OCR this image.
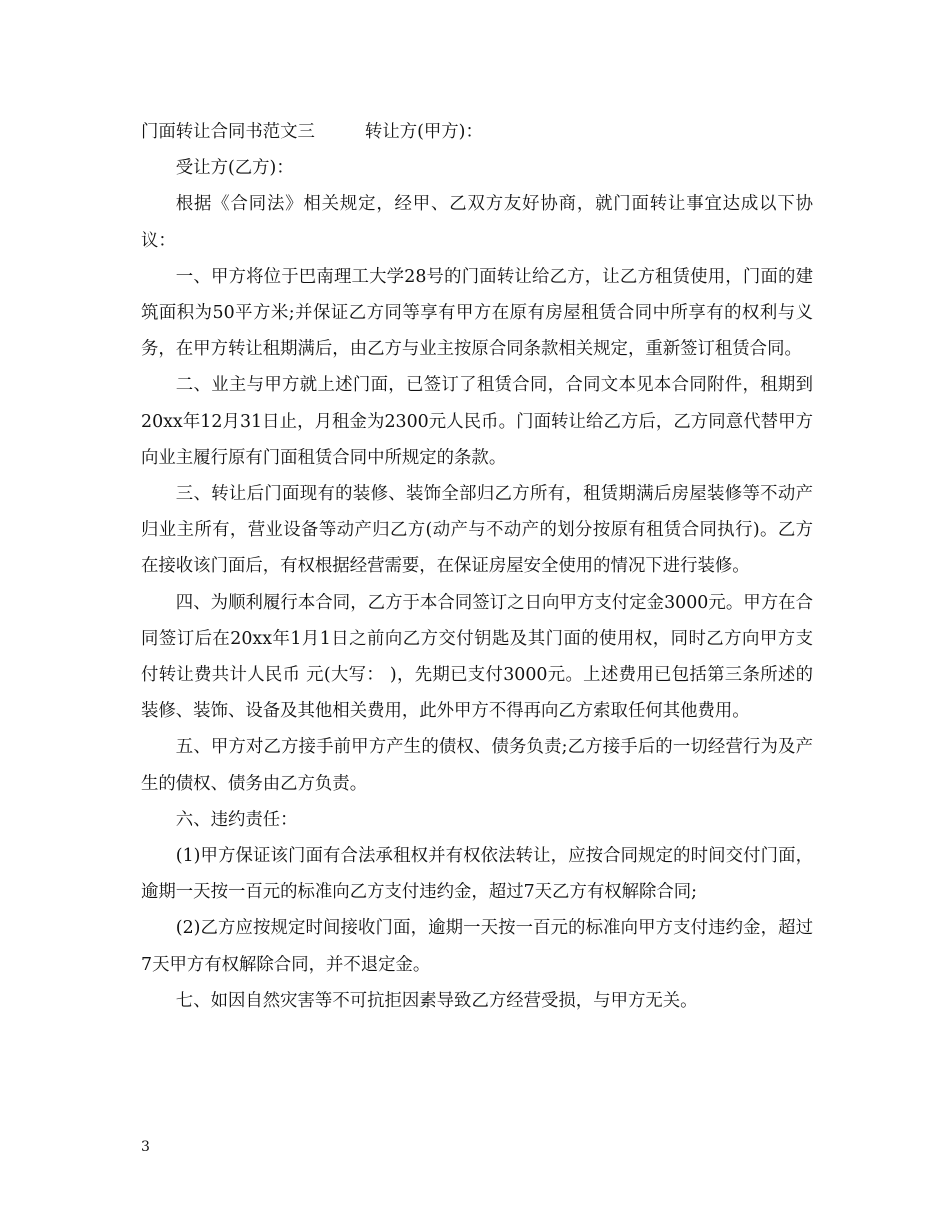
门面转让合同书范文三	转让方(甲方)：

受让方(乙方)：

根据《合同法》相关规定，经甲、乙双方友好协商，就门面转让事宜达成以下协议：

一、甲方将位于巴南理工大学28号的门面转让给乙方，让乙方租赁使用，门面的建筑面积为50平方米;并保证乙方同等享有甲方在原有房屋租赁合同中所享有的权利与义务，在甲方转让租期满后，由乙方与业主按原合同条款相关规定，重新签订租赁合同。

二、业主与甲方就上述门面，已签订了租赁合同，合同文本见本合同附件，租期到20xx年12月31日止，月租金为2300元人民币。门面转让给乙方后，乙方同意代替甲方向业主履行原有门面租赁合同中所规定的条款。

三、转让后门面现有的装修、装饰全部归乙方所有，租赁期满后房屋装修等不动产归业主所有，营业设备等动产归乙方(动产与不动产的划分按原有租赁合同执行)。乙方在接收该门面后，有权根据经营需要，在保证房屋安全使用的情况下进行装修。

四、为顺利履行本合同，乙方于本合同签订之日向甲方支付定金3000元。甲方在合同签订后在20xx年1月1日之前向乙方交付钥匙及其门面的使用权，同时乙方向甲方支付转让费共计人民币 元(大写： )，先期已支付3000元。上述费用已包括第三条所述的装修、装饰、设备及其他相关费用，此外甲方不得再向乙方索取任何其他费用。

五、甲方对乙方接手前甲方产生的债权、债务负责;乙方接手后的一切经营行为及产生的债权、债务由乙方负责。

六、违约责任：

(1)甲方保证该门面有合法承租权并有权依法转让，应按合同规定的时间交付门面，逾期一天按一百元的标准向乙方支付违约金，超过7天乙方有权解除合同;

(2)乙方应按规定时间接收门面，逾期一天按一百元的标准向甲方支付违约金，超过7天甲方有权解除合同，并不退定金。

七、如因自然灾害等不可抗拒因素导致乙方经营受损，与甲方无关。

3
